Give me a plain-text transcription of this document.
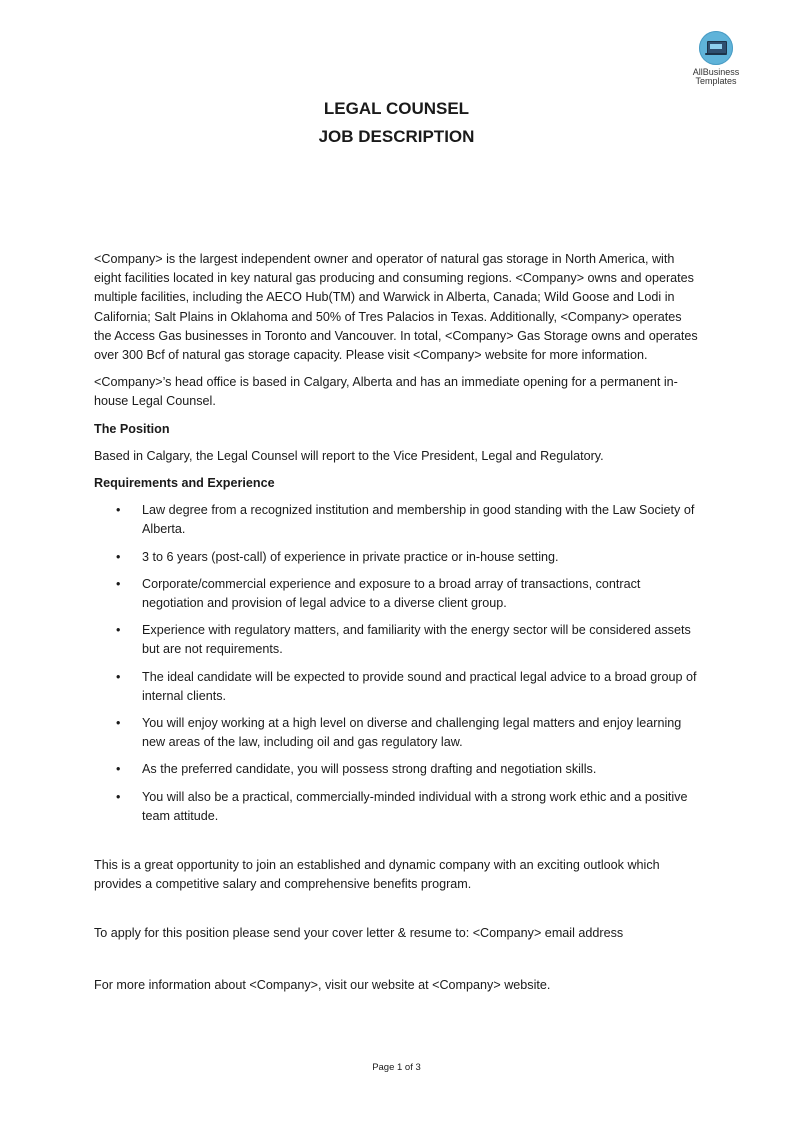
AllBusiness
Templates
LEGAL COUNSEL
JOB DESCRIPTION

<Company> is the largest independent owner and operator of natural gas storage in North America, with eight facilities located in key natural gas producing and consuming regions. <Company> owns and operates multiple facilities, including the AECO Hub(TM) and Warwick in Alberta, Canada; Wild Goose and Lodi in California; Salt Plains in Oklahoma and 50% of Tres Palacios in Texas. Additionally, <Company> operates the Access Gas businesses in Toronto and Vancouver. In total, <Company> Gas Storage owns and operates over 300 Bcf of natural gas storage capacity. Please visit <Company> website for more information.

<Company>’s head office is based in Calgary, Alberta and has an immediate opening for a permanent in-house Legal Counsel.

The Position

Based in Calgary, the Legal Counsel will report to the Vice President, Legal and Regulatory.

Requirements and Experience

• Law degree from a recognized institution and membership in good standing with the Law Society of Alberta.
• 3 to 6 years (post-call) of experience in private practice or in-house setting.
• Corporate/commercial experience and exposure to a broad array of transactions, contract negotiation and provision of legal advice to a diverse client group.
• Experience with regulatory matters, and familiarity with the energy sector will be considered assets but are not requirements.
• The ideal candidate will be expected to provide sound and practical legal advice to a broad group of internal clients.
• You will enjoy working at a high level on diverse and challenging legal matters and enjoy learning new areas of the law, including oil and gas regulatory law.
• As the preferred candidate, you will possess strong drafting and negotiation skills.
• You will also be a practical, commercially-minded individual with a strong work ethic and a positive team attitude.

This is a great opportunity to join an established and dynamic company with an exciting outlook which provides a competitive salary and comprehensive benefits program.

To apply for this position please send your cover letter & resume to: <Company> email address

For more information about <Company>, visit our website at <Company> website.

Page 1 of 3
